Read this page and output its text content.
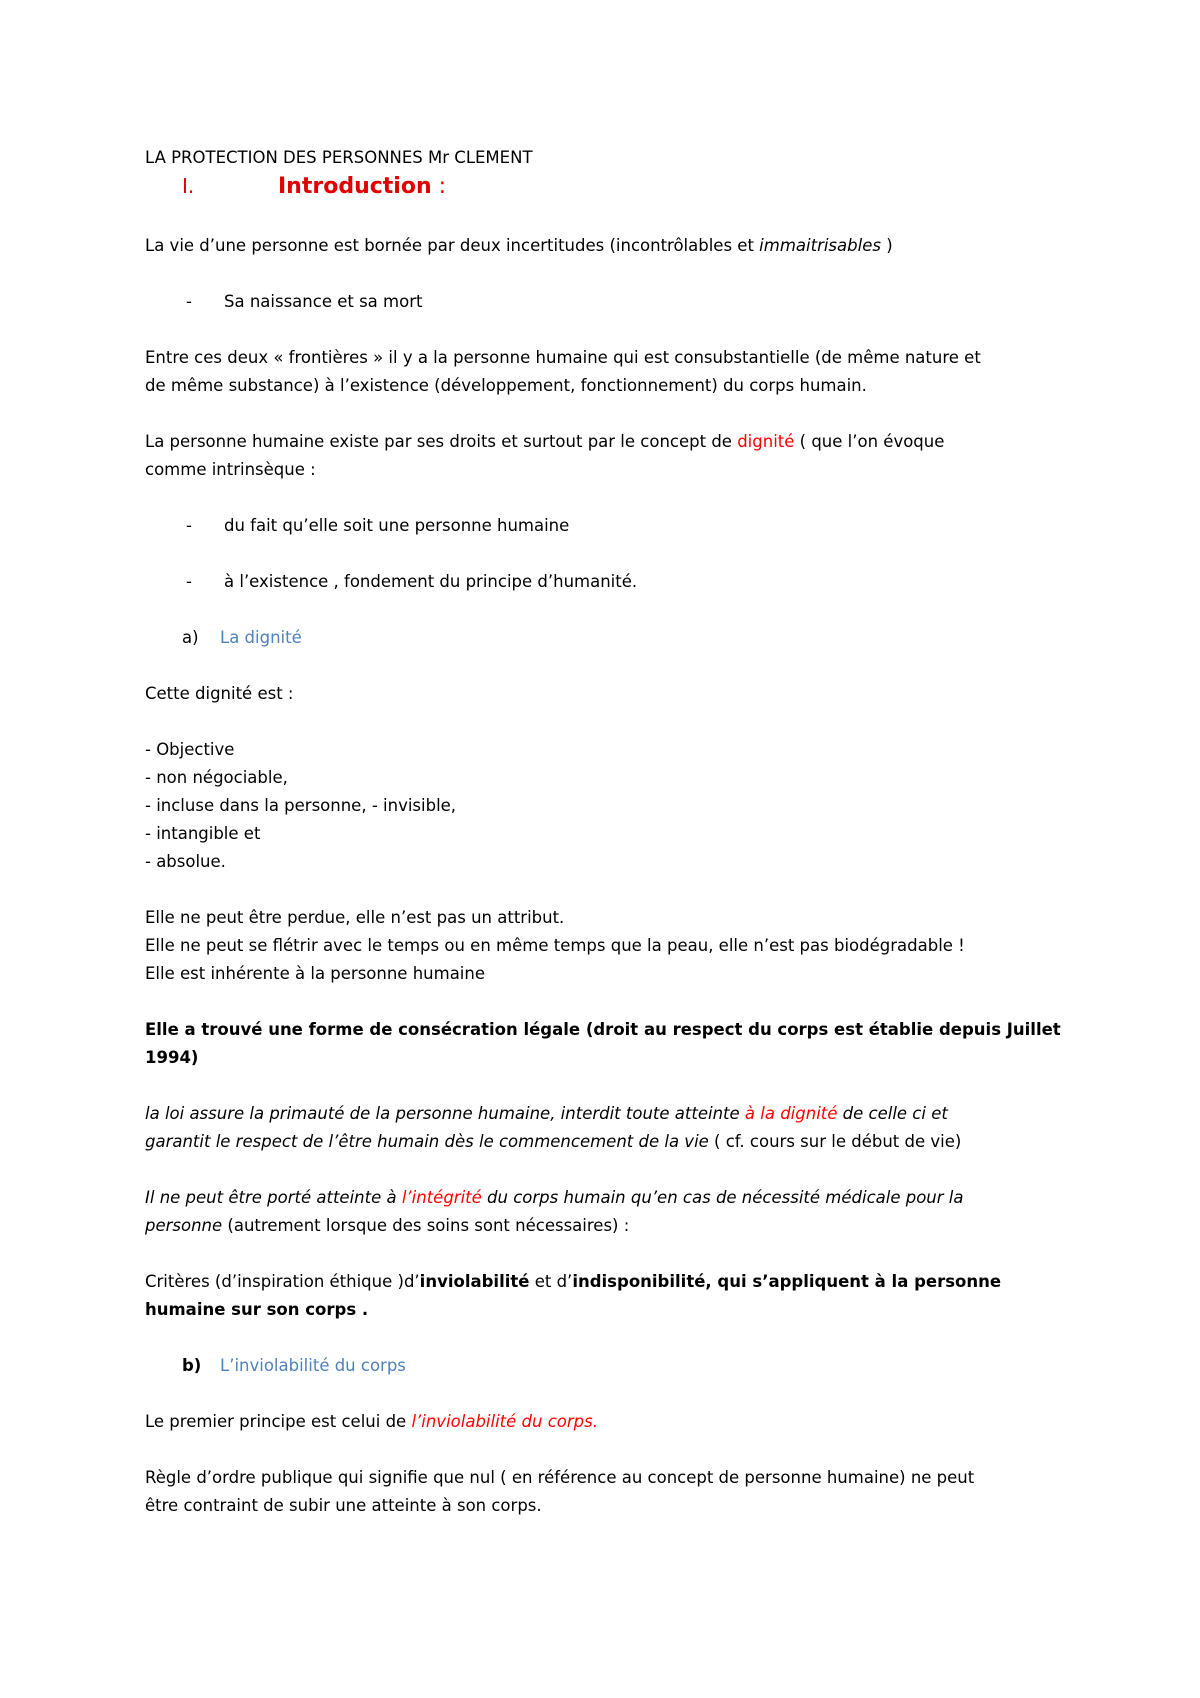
LA PROTECTION DES PERSONNES Mr CLEMENT
I.	Introduction :
La vie d’une personne est bornée par deux incertitudes (incontrôlables et immaitrisables )
- Sa naissance et sa mort
Entre ces deux « frontières » il y a la personne humaine qui est consubstantielle (de même nature et
de même substance) à l’existence (développement, fonctionnement) du corps humain.
La personne humaine existe par ses droits et surtout par le concept de dignité ( que l’on évoque
comme intrinsèque :
- du fait qu’elle soit une personne humaine
- à l’existence , fondement du principe d’humanité.
a) La dignité
Cette dignité est :
- Objective
- non négociable,
- incluse dans la personne, - invisible,
- intangible et
- absolue.
Elle ne peut être perdue, elle n’est pas un attribut.
Elle ne peut se flétrir avec le temps ou en même temps que la peau, elle n’est pas biodégradable !
Elle est inhérente à la personne humaine
Elle a trouvé une forme de consécration légale (droit au respect du corps est établie depuis Juillet
1994)
la loi assure la primauté de la personne humaine, interdit toute atteinte à la dignité de celle ci et
garantit le respect de l’être humain dès le commencement de la vie ( cf. cours sur le début de vie)
Il ne peut être porté atteinte à l’intégrité du corps humain qu’en cas de nécessité médicale pour la
personne (autrement lorsque des soins sont nécessaires) :
Critères (d’inspiration éthique )d’inviolabilité et d’indisponibilité, qui s’appliquent à la personne
humaine sur son corps .
b) L’inviolabilité du corps
Le premier principe est celui de l’inviolabilité du corps.
Règle d’ordre publique qui signifie que nul ( en référence au concept de personne humaine) ne peut
être contraint de subir une atteinte à son corps.
